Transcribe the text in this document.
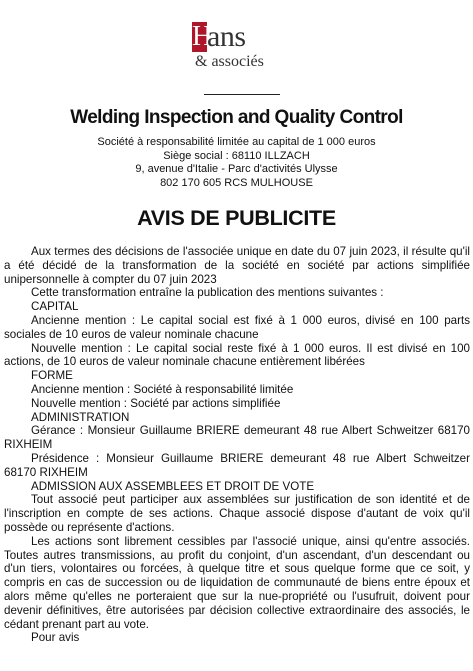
H
ans
& associés
Welding Inspection and Quality Control
Société à responsabilité limitée au capital de 1 000 euros
Siège social : 68110 ILLZACH
9, avenue d'Italie - Parc d'activités Ulysse
802 170 605 RCS MULHOUSE
AVIS DE PUBLICITE

Aux termes des décisions de l'associée unique en date du 07 juin 2023, il résulte qu'il a été décidé de la transformation de la société en société par actions simplifiée unipersonnelle à compter du 07 juin 2023

Cette transformation entraîne la publication des mentions suivantes :

CAPITAL

Ancienne mention : Le capital social est fixé à 1 000 euros, divisé en 100 parts sociales de 10 euros de valeur nominale chacune

Nouvelle mention : Le capital social reste fixé à 1 000 euros. Il est divisé en 100 actions, de 10 euros de valeur nominale chacune entièrement libérées

FORME

Ancienne mention : Société à responsabilité limitée

Nouvelle mention : Société par actions simplifiée

ADMINISTRATION

Gérance : Monsieur Guillaume BRIERE demeurant 48 rue Albert Schweitzer 68170 RIXHEIM

Présidence : Monsieur Guillaume BRIERE demeurant 48 rue Albert Schweitzer 68170 RIXHEIM

ADMISSION AUX ASSEMBLEES ET DROIT DE VOTE

Tout associé peut participer aux assemblées sur justification de son identité et de l'inscription en compte de ses actions. Chaque associé dispose d'autant de voix qu'il possède ou représente d'actions.

Les actions sont librement cessibles par l'associé unique, ainsi qu'entre associés. Toutes autres transmissions, au profit du conjoint, d'un ascendant, d'un descendant ou d'un tiers, volontaires ou forcées, à quelque titre et sous quelque forme que ce soit, y compris en cas de succession ou de liquidation de communauté de biens entre époux et alors même qu'elles ne porteraient que sur la nue-propriété ou l'usufruit, doivent pour devenir définitives, être autorisées par décision collective extraordinaire des associés, le cédant prenant part au vote.

Pour avis
